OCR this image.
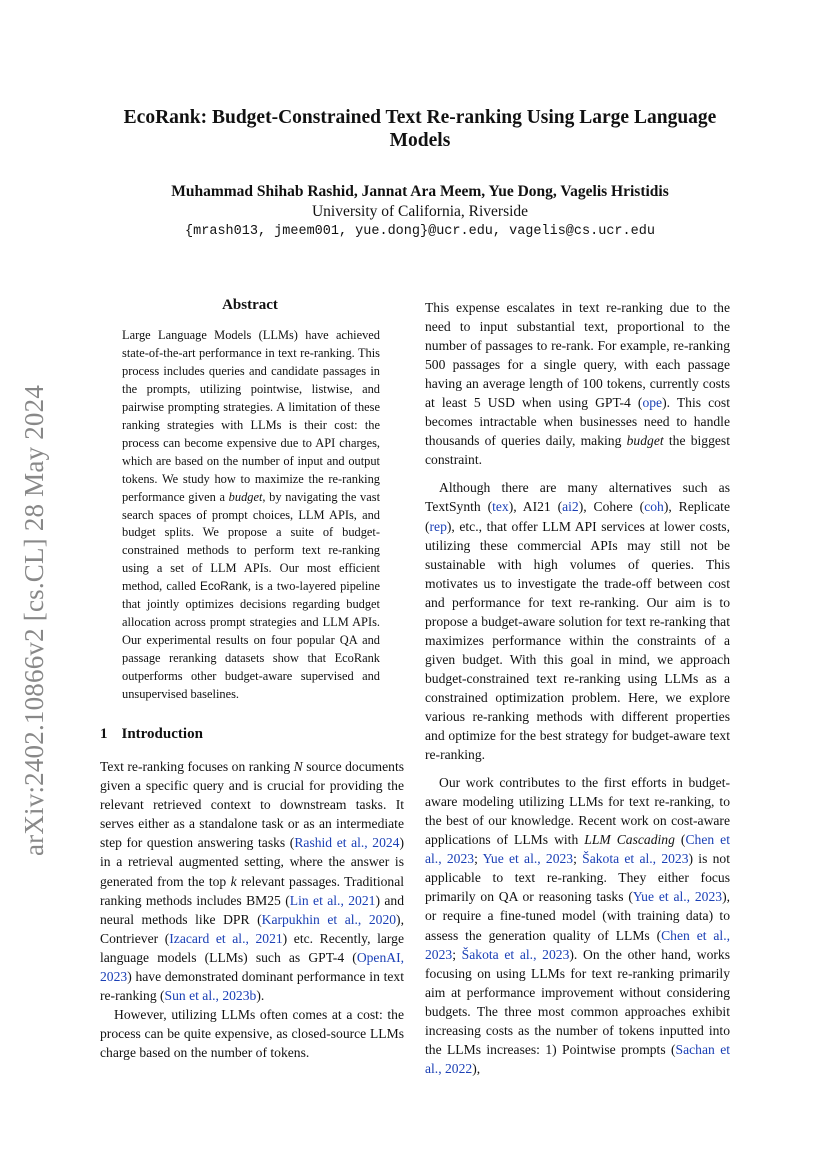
arXiv:2402.10866v2 [cs.CL] 28 May 2024
EcoRank: Budget-Constrained Text Re-ranking Using Large Language Models
Muhammad Shihab Rashid, Jannat Ara Meem, Yue Dong, Vagelis Hristidis
University of California, Riverside
{mrash013, jmeem001, yue.dong}@ucr.edu, vagelis@cs.ucr.edu
Abstract
Large Language Models (LLMs) have achieved state-of-the-art performance in text re-ranking. This process includes queries and candidate passages in the prompts, utilizing pointwise, listwise, and pairwise prompting strategies. A limitation of these ranking strategies with LLMs is their cost: the process can become expensive due to API charges, which are based on the number of input and output tokens. We study how to maximize the re-ranking performance given a budget, by navigating the vast search spaces of prompt choices, LLM APIs, and budget splits. We propose a suite of budget-constrained methods to perform text re-ranking using a set of LLM APIs. Our most efficient method, called EcoRank, is a two-layered pipeline that jointly optimizes decisions regarding budget allocation across prompt strategies and LLM APIs. Our experimental results on four popular QA and passage reranking datasets show that EcoRank outperforms other budget-aware supervised and unsupervised baselines.
1 Introduction

Text re-ranking focuses on ranking N source documents given a specific query and is crucial for providing the relevant retrieved context to downstream tasks. It serves either as a standalone task or as an intermediate step for question answering tasks (Rashid et al., 2024) in a retrieval augmented setting, where the answer is generated from the top k relevant passages. Traditional ranking methods includes BM25 (Lin et al., 2021) and neural methods like DPR (Karpukhin et al., 2020), Contriever (Izacard et al., 2021) etc. Recently, large language models (LLMs) such as GPT-4 (OpenAI, 2023) have demonstrated dominant performance in text re-ranking (Sun et al., 2023b).

However, utilizing LLMs often comes at a cost: the process can be quite expensive, as closed-source LLMs charge based on the number of tokens.

This expense escalates in text re-ranking due to the need to input substantial text, proportional to the number of passages to re-rank. For example, re-ranking 500 passages for a single query, with each passage having an average length of 100 tokens, currently costs at least 5 USD when using GPT-4 (ope). This cost becomes intractable when businesses need to handle thousands of queries daily, making budget the biggest constraint.

Although there are many alternatives such as TextSynth (tex), AI21 (ai2), Cohere (coh), Replicate (rep), etc., that offer LLM API services at lower costs, utilizing these commercial APIs may still not be sustainable with high volumes of queries. This motivates us to investigate the trade-off between cost and performance for text re-ranking. Our aim is to propose a budget-aware solution for text re-ranking that maximizes performance within the constraints of a given budget. With this goal in mind, we approach budget-constrained text re-ranking using LLMs as a constrained optimization problem. Here, we explore various re-ranking methods with different properties and optimize for the best strategy for budget-aware text re-ranking.

Our work contributes to the first efforts in budget-aware modeling utilizing LLMs for text re-ranking, to the best of our knowledge. Recent work on cost-aware applications of LLMs with LLM Cascading (Chen et al., 2023; Yue et al., 2023; Šakota et al., 2023) is not applicable to text re-ranking. They either focus primarily on QA or reasoning tasks (Yue et al., 2023), or require a fine-tuned model (with training data) to assess the generation quality of LLMs (Chen et al., 2023; Šakota et al., 2023). On the other hand, works focusing on using LLMs for text re-ranking primarily aim at performance improvement without considering budgets. The three most common approaches exhibit increasing costs as the number of tokens inputted into the LLMs increases: 1) Pointwise prompts (Sachan et al., 2022),
